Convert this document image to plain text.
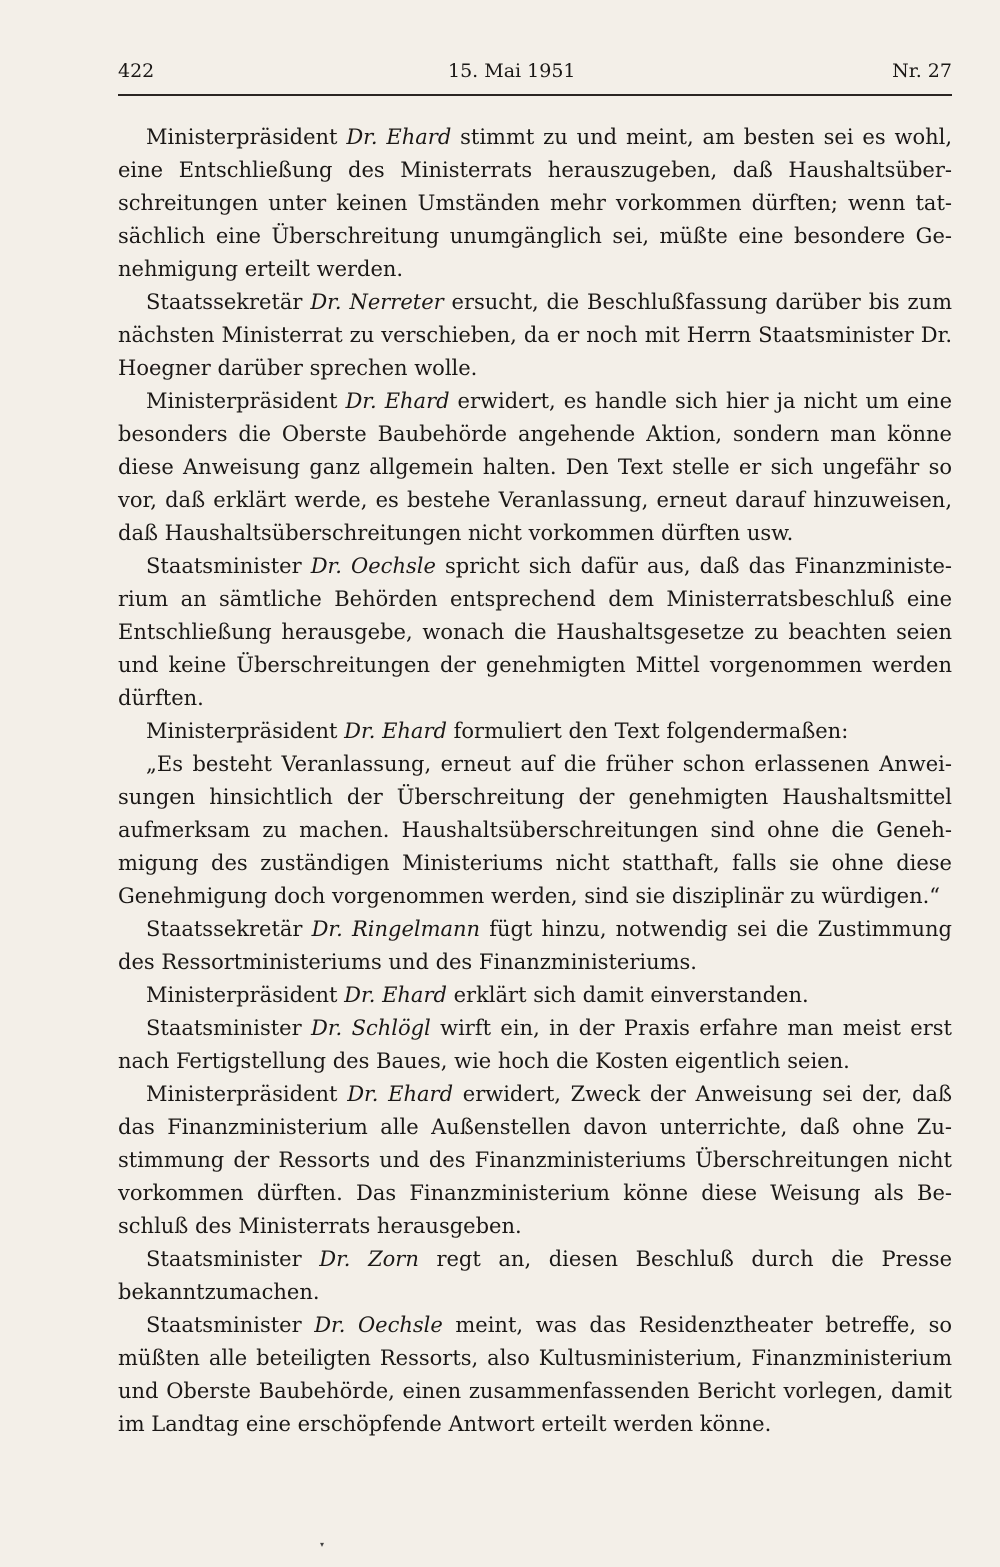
422	15. Mai 1951	Nr. 27

Ministerpräsident Dr. Ehard stimmt zu und meint, am besten sei es wohl, eine Entschließung des Ministerrats herauszugeben, daß Haushaltsüberschreitungen unter keinen Umständen mehr vorkommen dürften; wenn tatsächlich eine Überschreitung unumgänglich sei, müßte eine besondere Genehmigung erteilt werden.

Staatssekretär Dr. Nerreter ersucht, die Beschlußfassung darüber bis zum nächsten Ministerrat zu verschieben, da er noch mit Herrn Staatsminister Dr. Hoegner darüber sprechen wolle.

Ministerpräsident Dr. Ehard erwidert, es handle sich hier ja nicht um eine besonders die Oberste Baubehörde angehende Aktion, sondern man könne diese Anweisung ganz allgemein halten. Den Text stelle er sich ungefähr so vor, daß erklärt werde, es bestehe Veranlassung, erneut darauf hinzuweisen, daß Haushaltsüberschreitungen nicht vorkommen dürften usw.

Staatsminister Dr. Oechsle spricht sich dafür aus, daß das Finanzministerium an sämtliche Behörden entsprechend dem Ministerratsbeschluß eine Entschließung herausgebe, wonach die Haushaltsgesetze zu beachten seien und keine Überschreitungen der genehmigten Mittel vorgenommen werden dürften.

Ministerpräsident Dr. Ehard formuliert den Text folgendermaßen:

„Es besteht Veranlassung, erneut auf die früher schon erlassenen Anweisungen hinsichtlich der Überschreitung der genehmigten Haushaltsmittel aufmerksam zu machen. Haushaltsüberschreitungen sind ohne die Genehmigung des zuständigen Ministeriums nicht statthaft, falls sie ohne diese Genehmigung doch vorgenommen werden, sind sie disziplinär zu würdigen.“

Staatssekretär Dr. Ringelmann fügt hinzu, notwendig sei die Zustimmung des Ressortministeriums und des Finanzministeriums.

Ministerpräsident Dr. Ehard erklärt sich damit einverstanden.

Staatsminister Dr. Schlögl wirft ein, in der Praxis erfahre man meist erst nach Fertigstellung des Baues, wie hoch die Kosten eigentlich seien.

Ministerpräsident Dr. Ehard erwidert, Zweck der Anweisung sei der, daß das Finanzministerium alle Außenstellen davon unterrichte, daß ohne Zustimmung der Ressorts und des Finanzministeriums Überschreitungen nicht vorkommen dürften. Das Finanzministerium könne diese Weisung als Beschluß des Ministerrats herausgeben.

Staatsminister Dr. Zorn regt an, diesen Beschluß durch die Presse bekanntzumachen.

Staatsminister Dr. Oechsle meint, was das Residenztheater betreffe, so müßten alle beteiligten Ressorts, also Kultusministerium, Finanzministerium und Oberste Baubehörde, einen zusammenfassenden Bericht vorlegen, damit im Landtag eine erschöpfende Antwort erteilt werden könne.

▾
